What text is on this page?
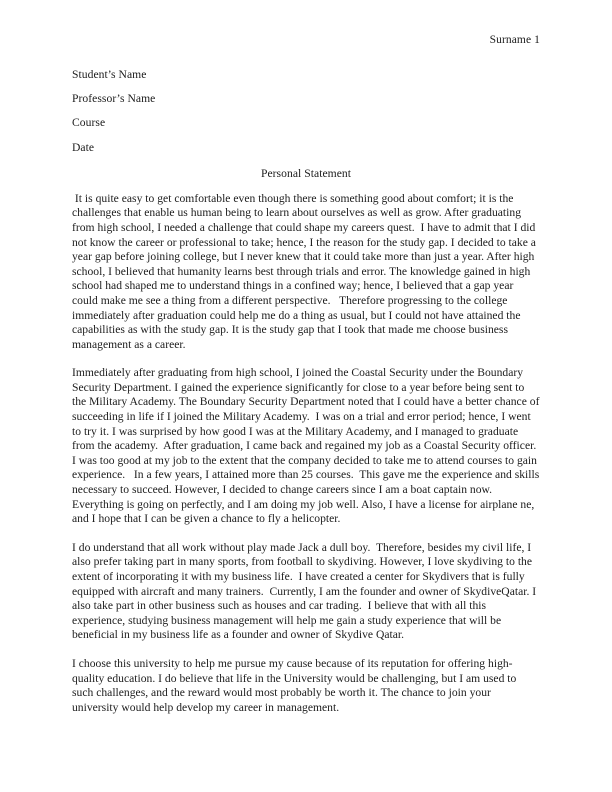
Surname 1
Student’s Name
Professor’s Name
Course
Date
Personal Statement

It is quite easy to get comfortable even though there is something good about comfort; it is the challenges that enable us human being to learn about ourselves as well as grow. After graduating from high school, I needed a challenge that could shape my careers quest.  I have to admit that I did not know the career or professional to take; hence, I the reason for the study gap. I decided to take a year gap before joining college, but I never knew that it could take more than just a year. After high school, I believed that humanity learns best through trials and error. The knowledge gained in high school had shaped me to understand things in a confined way; hence, I believed that a gap year could make me see a thing from a different perspective.   Therefore progressing to the college immediately after graduation could help me do a thing as usual, but I could not have attained the capabilities as with the study gap. It is the study gap that I took that made me choose business management as a career.

Immediately after graduating from high school, I joined the Coastal Security under the Boundary Security Department. I gained the experience significantly for close to a year before being sent to the Military Academy. The Boundary Security Department noted that I could have a better chance of succeeding in life if I joined the Military Academy.  I was on a trial and error period; hence, I went to try it. I was surprised by how good I was at the Military Academy, and I managed to graduate from the academy.  After graduation, I came back and regained my job as a Coastal Security officer. I was too good at my job to the extent that the company decided to take me to attend courses to gain experience.   In a few years, I attained more than 25 courses.  This gave me the experience and skills necessary to succeed. However, I decided to change careers since I am a boat captain now.   Everything is going on perfectly, and I am doing my job well. Also, I have a license for airplane ne, and I hope that I can be given a chance to fly a helicopter.

I do understand that all work without play made Jack a dull boy.  Therefore, besides my civil life, I also prefer taking part in many sports, from football to skydiving. However, I love skydiving to the extent of incorporating it with my business life.  I have created a center for Skydivers that is fully equipped with aircraft and many trainers.  Currently, I am the founder and owner of SkydiveQatar. I also take part in other business such as houses and car trading.  I believe that with all this experience, studying business management will help me gain a study experience that will be beneficial in my business life as a founder and owner of Skydive Qatar.

I choose this university to help me pursue my cause because of its reputation for offering high-quality education. I do believe that life in the University would be challenging, but I am used to such challenges, and the reward would most probably be worth it. The chance to join your university would help develop my career in management.
